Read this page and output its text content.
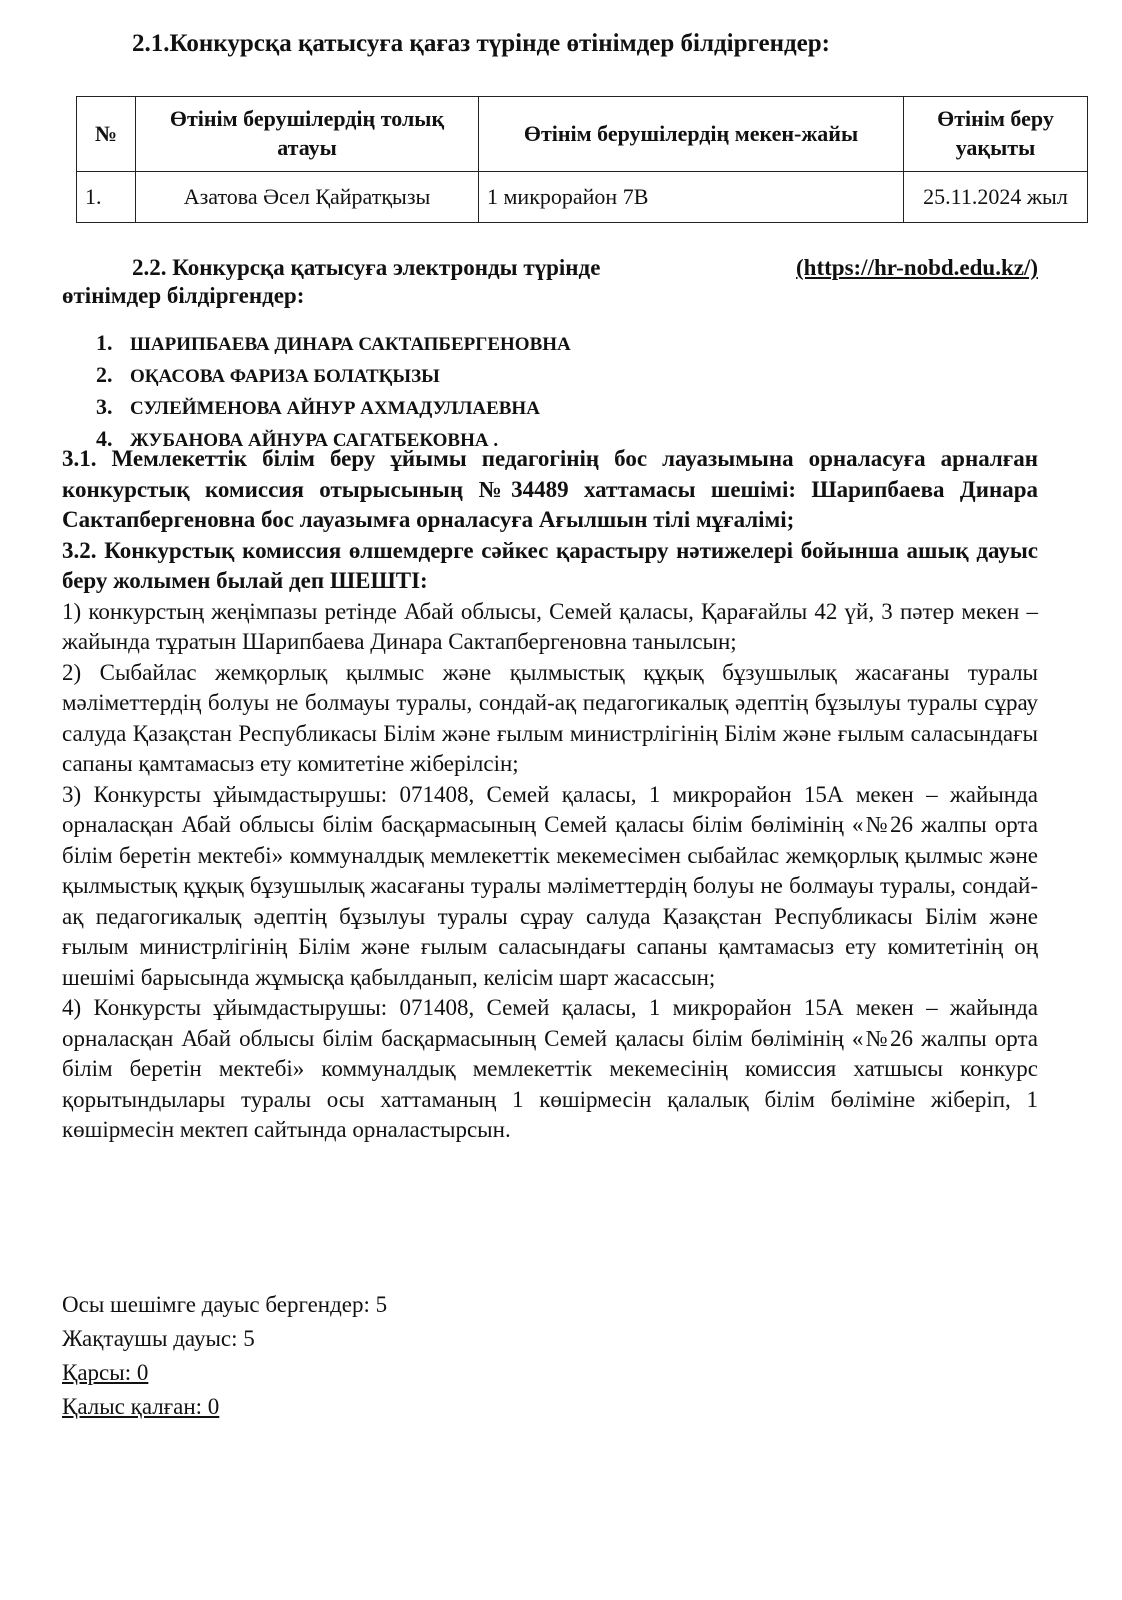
2.1.Конкурсқа қатысуға қағаз түрінде өтінімдер білдіргендер:
№	Өтінім берушілердің толық атауы	Өтінім берушілердің мекен-жайы	Өтінім беру уақыты
1.	Азатова Әсел Қайратқызы	1 микрорайон 7В	25.11.2024 жыл
2.2. Конкурсқа қатысуға электронды түрінде	(https://hr-nobd.edu.kz/)
өтінімдер білдіргендер:
1. ШАРИПБАЕВА ДИНАРА САКТАПБЕРГЕНОВНА
2. ОҚАСОВА ФАРИЗА БОЛАТҚЫЗЫ
3. СУЛЕЙМЕНОВА АЙНУР АХМАДУЛЛАЕВНА
4. ЖУБАНОВА АЙНУРА САГАТБЕКОВНА .

3.1. Мемлекеттік білім беру ұйымы педагогінің бос лауазымына орналасуға арналған конкурстық комиссия отырысының №34489 хаттамасы шешімі: Шарипбаева Динара Сактапбергеновна бос лауазымға орналасуға Ағылшын тілі мұғалімі;

3.2. Конкурстық комиссия өлшемдерге сәйкес қарастыру нәтижелері бойынша ашық дауыс беру жолымен былай деп ШЕШТІ:

1) конкурстың жеңімпазы ретінде Абай облысы, Семей қаласы, Қарағайлы 42 үй, 3 пәтер мекен – жайында тұратын Шарипбаева Динара Сактапбергеновна танылсын;

2) Сыбайлас жемқорлық қылмыс және қылмыстық құқық бұзушылық жасағаны туралы мәліметтердің болуы не болмауы туралы, сондай-ақ педагогикалық әдептің бұзылуы туралы сұрау салуда Қазақстан Республикасы Білім және ғылым министрлігінің Білім және ғылым саласындағы сапаны қамтамасыз ету комитетіне жіберілсін;

3) Конкурсты ұйымдастырушы: 071408, Семей қаласы, 1 микрорайон 15А мекен – жайында орналасқан Абай облысы білім басқармасының Семей қаласы білім бөлімінің «№26 жалпы орта білім беретін мектебі» коммуналдық мемлекеттік мекемесімен сыбайлас жемқорлық қылмыс және қылмыстық құқық бұзушылық жасағаны туралы мәліметтердің болуы не болмауы туралы, сондай-ақ педагогикалық әдептің бұзылуы туралы сұрау салуда Қазақстан Республикасы Білім және ғылым министрлігінің Білім және ғылым саласындағы сапаны қамтамасыз ету комитетінің оң шешімі барысында жұмысқа қабылданып, келісім шарт жасассын;

4) Конкурсты ұйымдастырушы: 071408, Семей қаласы, 1 микрорайон 15А мекен – жайында орналасқан Абай облысы білім басқармасының Семей қаласы білім бөлімінің «№26 жалпы орта білім беретін мектебі» коммуналдық мемлекеттік мекемесінің комиссия хатшысы конкурс қорытындылары туралы осы хаттаманың 1 көшірмесін қалалық білім бөліміне жіберіп, 1 көшірмесін мектеп сайтында орналастырсын.

Осы шешімге дауыс бергендер: 5
Жақтаушы дауыс: 5
Қарсы: 0
Қалыс қалған: 0
